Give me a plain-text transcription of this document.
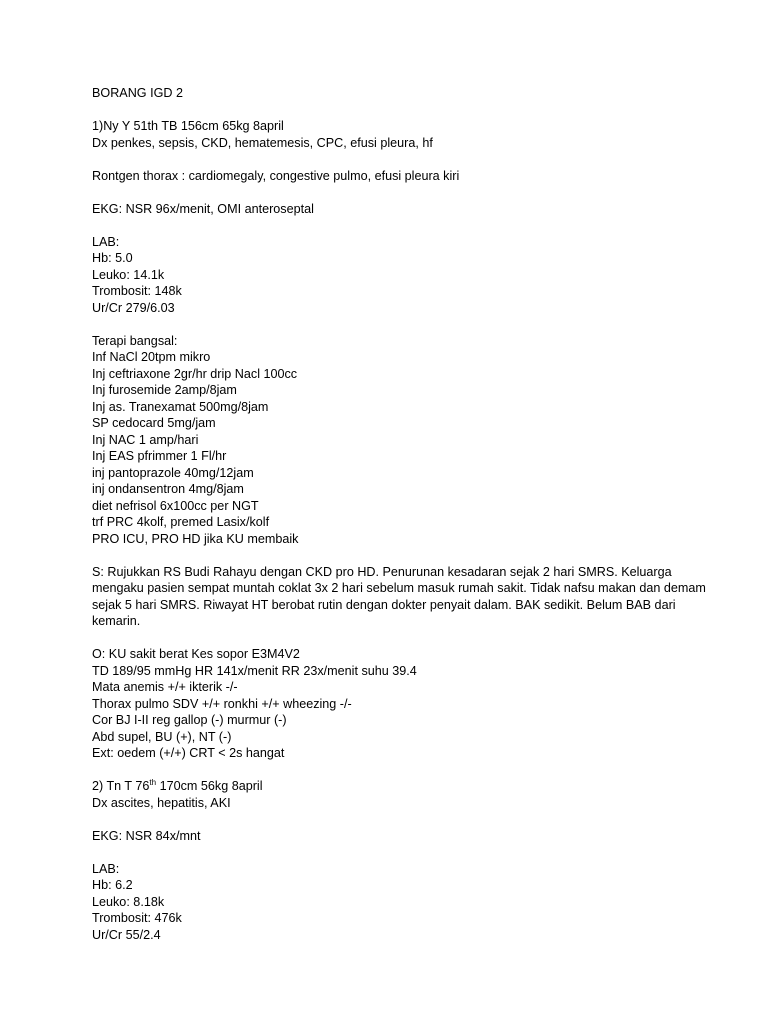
BORANG IGD 2
1)Ny Y 51th TB 156cm 65kg 8april
Dx penkes, sepsis, CKD, hematemesis, CPC, efusi pleura, hf
Rontgen thorax : cardiomegaly, congestive pulmo, efusi pleura kiri
EKG: NSR 96x/menit, OMI anteroseptal
LAB:
Hb: 5.0
Leuko: 14.1k
Trombosit: 148k
Ur/Cr 279/6.03
Terapi bangsal:
Inf NaCl 20tpm mikro
Inj ceftriaxone 2gr/hr drip Nacl 100cc
Inj furosemide 2amp/8jam
Inj as. Tranexamat 500mg/8jam
SP cedocard 5mg/jam
Inj NAC 1 amp/hari
Inj EAS pfrimmer 1 Fl/hr
inj pantoprazole 40mg/12jam
inj ondansentron 4mg/8jam
diet nefrisol 6x100cc per NGT
trf PRC 4kolf, premed Lasix/kolf
PRO ICU, PRO HD jika KU membaik
S: Rujukkan RS Budi Rahayu dengan CKD pro HD. Penurunan kesadaran sejak 2 hari SMRS. Keluarga mengaku pasien sempat muntah coklat 3x 2 hari sebelum masuk rumah sakit. Tidak nafsu makan dan demam sejak 5 hari SMRS. Riwayat HT berobat rutin dengan dokter penyait dalam. BAK sedikit. Belum BAB dari kemarin.
O: KU sakit berat Kes sopor E3M4V2
TD 189/95 mmHg HR 141x/menit RR 23x/menit suhu 39.4
Mata anemis +/+ ikterik -/-
Thorax pulmo SDV +/+ ronkhi +/+ wheezing -/-
Cor BJ I-II reg gallop (-) murmur (-)
Abd supel, BU (+), NT (-)
Ext: oedem (+/+) CRT < 2s hangat
2) Tn T 76th 170cm 56kg 8april
Dx ascites, hepatitis, AKI
EKG: NSR 84x/mnt
LAB:
Hb: 6.2
Leuko: 8.18k
Trombosit: 476k
Ur/Cr 55/2.4
